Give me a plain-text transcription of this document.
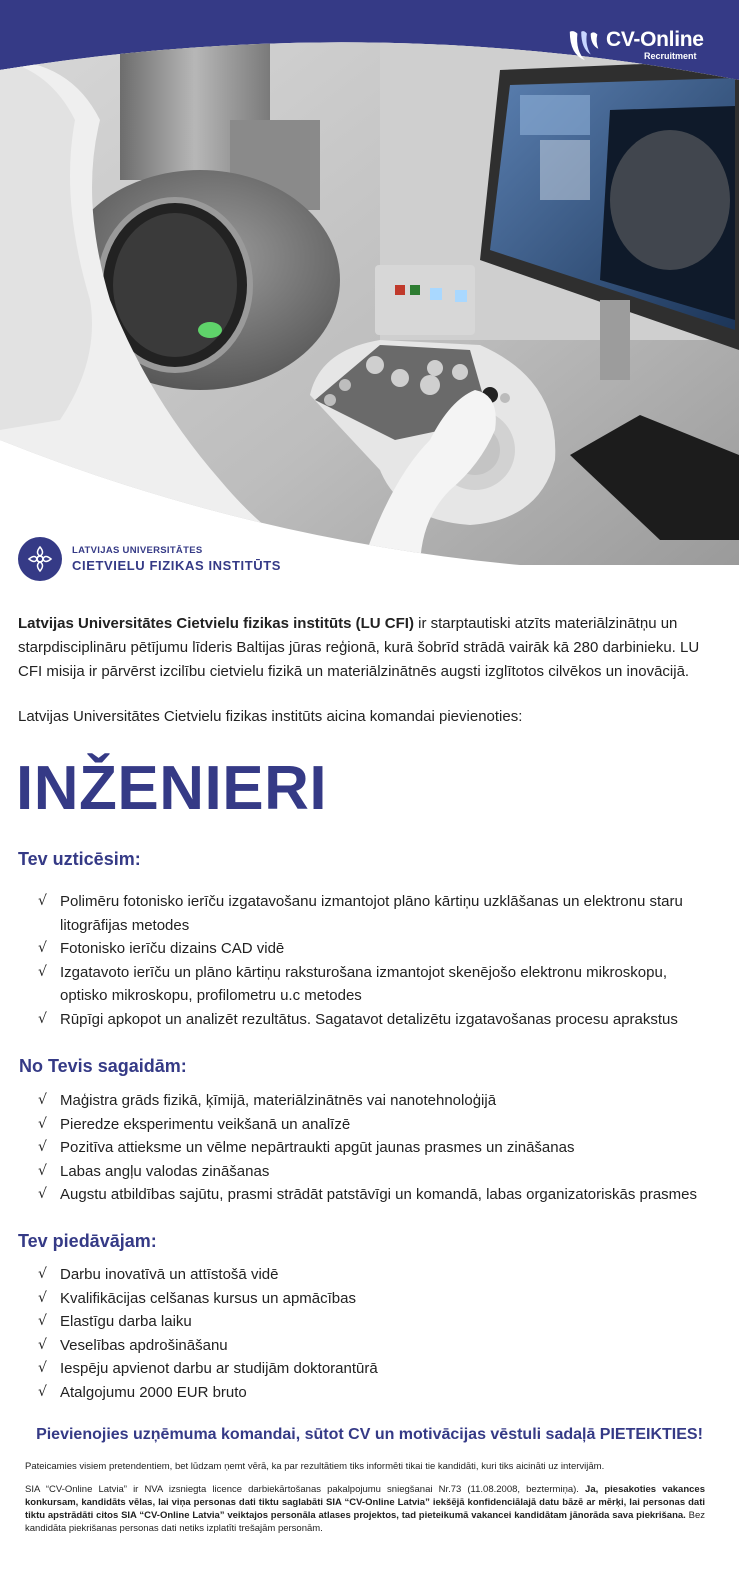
CV-Online
Recruitment
LATVIJAS UNIVERSITĀTES
CIETVIELU FIZIKAS INSTITŪTS
Latvijas Universitātes Cietvielu fizikas institūts (LU CFI) ir starptautiski atzīts materiālzinātņu un starpdisciplināru pētījumu līderis Baltijas jūras reģionā, kurā šobrīd strādā vairāk kā 280 darbinieku. LU CFI misija ir pārvērst izcilību cietvielu fizikā un materiālzinātnēs augsti izglītotos cilvēkos un inovācijā.
Latvijas Universitātes Cietvielu fizikas institūts aicina komandai pievienoties:
INŽENIERI
Tev uzticēsim:
√ Polimēru fotonisko ierīču izgatavošanu izmantojot plāno kārtiņu uzklāšanas un elektronu staru litogrāfijas metodes
√ Fotonisko ierīču dizains CAD vidē
√ Izgatavoto ierīču un plāno kārtiņu raksturošana izmantojot skenējošo elektronu mikroskopu, optisko mikroskopu, profilometru u.c metodes
√ Rūpīgi apkopot un analizēt rezultātus. Sagatavot detalizētu izgatavošanas procesu aprakstus
No Tevis sagaidām:
√ Maģistra grāds fizikā, ķīmijā, materiālzinātnēs vai nanotehnoloģijā
√ Pieredze eksperimentu veikšanā un analīzē
√ Pozitīva attieksme un vēlme nepārtraukti apgūt jaunas prasmes un zināšanas
√ Labas angļu valodas zināšanas
√ Augstu atbildības sajūtu, prasmi strādāt patstāvīgi un komandā, labas organizatoriskās prasmes
Tev piedāvājam:
√ Darbu inovatīvā un attīstošā vidē
√ Kvalifikācijas celšanas kursus un apmācības
√ Elastīgu darba laiku
√ Veselības apdrošināšanu
√ Iespēju apvienot darbu ar studijām doktorantūrā
√ Atalgojumu 2000 EUR bruto
Pievienojies uzņēmuma komandai, sūtot CV un motivācijas vēstuli sadaļā PIETEIKTIES!
Pateicamies visiem pretendentiem, bet lūdzam ņemt vērā, ka par rezultātiem tiks informēti tikai tie kandidāti, kuri tiks aicināti uz intervijām.
SIA “CV-Online Latvia” ir NVA izsniegta licence darbiekārtošanas pakalpojumu sniegšanai Nr.73 (11.08.2008, beztermiņa). Ja, piesakoties vakances konkursam, kandidāts vēlas, lai viņa personas dati tiktu saglabāti SIA “CV-Online Latvia” iekšējā konfidenciālajā datu bāzē ar mērķi, lai personas dati tiktu apstrādāti citos SIA “CV-Online Latvia” veiktajos personāla atlases projektos, tad pieteikumā vakancei kandidātam jānorāda sava piekrišana. Bez kandidāta piekrišanas personas dati netiks izplatīti trešajām personām.
